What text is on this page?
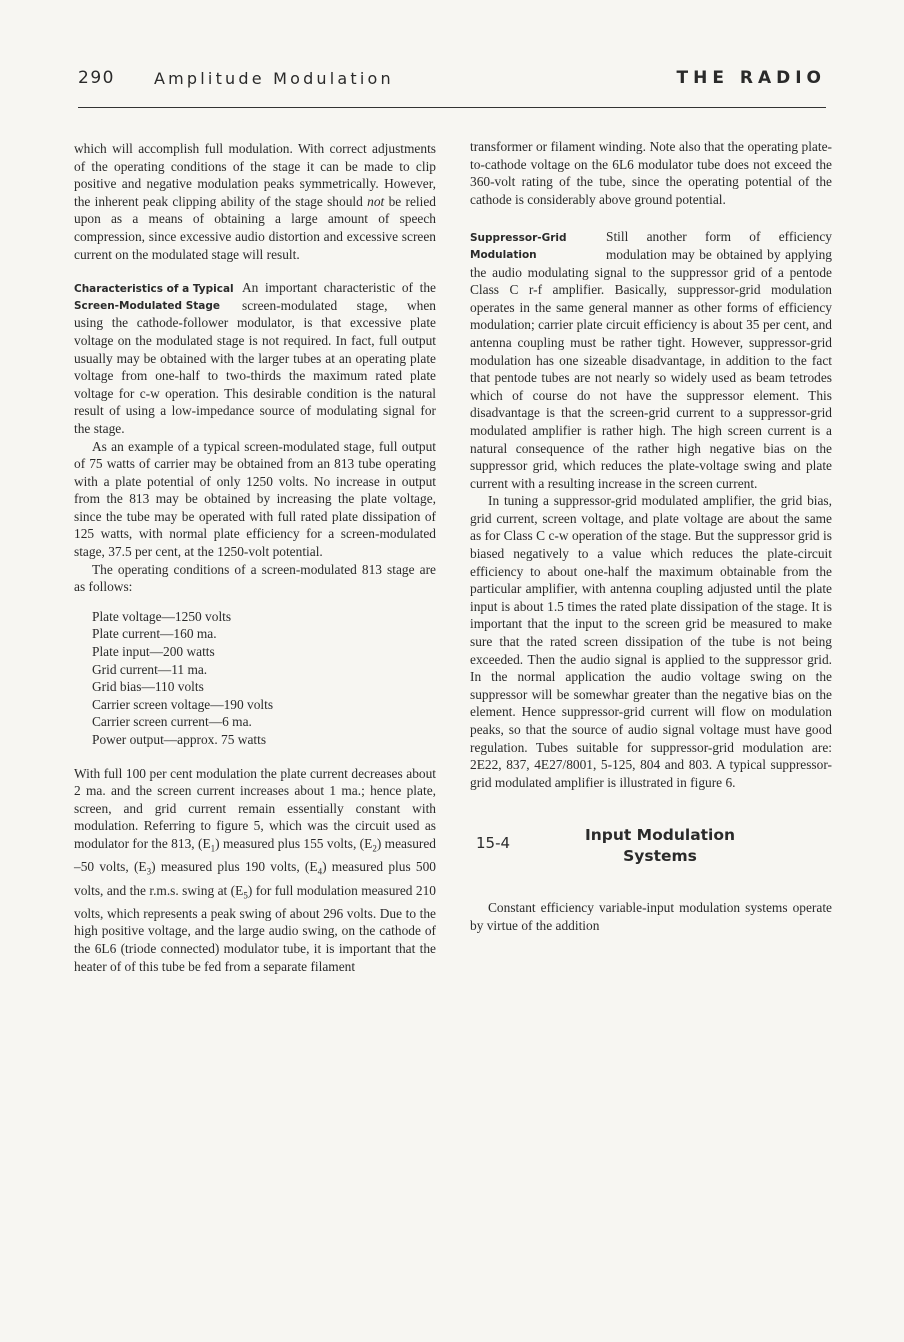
290 Amplitude Modulation	THE RADIO

which will accomplish full modulation. With correct adjustments of the operating conditions of the stage it can be made to clip positive and negative modulation peaks symmetrically. However, the inherent peak clipping ability of the stage should not be relied upon as a means of obtaining a large amount of speech compression, since excessive audio distortion and excessive screen current on the modulated stage will result.

Characteristics of a Typical Screen-Modulated Stage

An important characteristic of the screen-modulated stage, when using the cathode-follower modulator, is that excessive plate voltage on the modulated stage is not required. In fact, full output usually may be obtained with the larger tubes at an operating plate voltage from one-half to two-thirds the maximum rated plate voltage for c-w operation. This desirable condition is the natural result of using a low-impedance source of modulating signal for the stage.

As an example of a typical screen-modulated stage, full output of 75 watts of carrier may be obtained from an 813 tube operating with a plate potential of only 1250 volts. No increase in output from the 813 may be obtained by increasing the plate voltage, since the tube may be operated with full rated plate dissipation of 125 watts, with normal plate efficiency for a screen-modulated stage, 37.5 per cent, at the 1250-volt potential.

The operating conditions of a screen-modulated 813 stage are as follows:

Plate voltage—1250 volts
Plate current—160 ma.
Plate input—200 watts
Grid current—11 ma.
Grid bias—110 volts
Carrier screen voltage—190 volts
Carrier screen current—6 ma.
Power output—approx. 75 watts

With full 100 per cent modulation the plate current decreases about 2 ma. and the screen current increases about 1 ma.; hence plate, screen, and grid current remain essentially constant with modulation. Referring to figure 5, which was the circuit used as modulator for the 813, $(E_1)$ measured plus 155 volts, $(E_2)$ measured –50 volts, $(E_3)$ measured plus 190 volts, $(E_4)$ measured plus 500 volts, and the r.m.s. swing at $(E_5)$ for full modulation measured 210 volts, which represents a peak swing of about 296 volts. Due to the high positive voltage, and the large audio swing, on the cathode of the 6L6 (triode connected) modulator tube, it is important that the heater of of this tube be fed from a separate filament

transformer or filament winding. Note also that the operating plate-to-cathode voltage on the 6L6 modulator tube does not exceed the 360-volt rating of the tube, since the operating potential of the cathode is considerably above ground potential.

Suppressor-Grid Modulation

Still another form of efficiency modulation may be obtained by applying the audio modulating signal to the suppressor grid of a pentode Class C r-f amplifier. Basically, suppressor-grid modulation operates in the same general manner as other forms of efficiency modulation; carrier plate circuit efficiency is about 35 per cent, and antenna coupling must be rather tight. However, suppressor-grid modulation has one sizeable disadvantage, in addition to the fact that pentode tubes are not nearly so widely used as beam tetrodes which of course do not have the suppressor element. This disadvantage is that the screen-grid current to a suppressor-grid modulated amplifier is rather high. The high screen current is a natural consequence of the rather high negative bias on the suppressor grid, which reduces the plate-voltage swing and plate current with a resulting increase in the screen current.

In tuning a suppressor-grid modulated amplifier, the grid bias, grid current, screen voltage, and plate voltage are about the same as for Class C c-w operation of the stage. But the suppressor grid is biased negatively to a value which reduces the plate-circuit efficiency to about one-half the maximum obtainable from the particular amplifier, with antenna coupling adjusted until the plate input is about 1.5 times the rated plate dissipation of the stage. It is important that the input to the screen grid be measured to make sure that the rated screen dissipation of the tube is not being exceeded. Then the audio signal is applied to the suppressor grid. In the normal application the audio voltage swing on the suppressor will be somewhar greater than the negative bias on the element. Hence suppressor-grid current will flow on modulation peaks, so that the source of audio signal voltage must have good regulation. Tubes suitable for suppressor-grid modulation are: 2E22, 837, 4E27/8001, 5-125, 804 and 803. A typical suppressor-grid modulated amplifier is illustrated in figure 6.

15-4	Input Modulation Systems

Constant efficiency variable-input modulation systems operate by virtue of the addition
